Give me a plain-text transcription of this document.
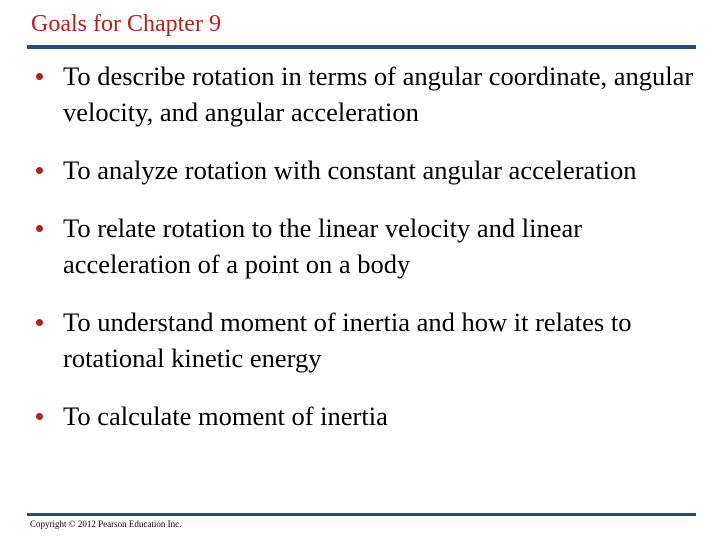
Goals for Chapter 9
To describe rotation in terms of angular coordinate, angular velocity, and angular acceleration
To analyze rotation with constant angular acceleration
To relate rotation to the linear velocity and linear acceleration of a point on a body
To understand moment of inertia and how it relates to rotational kinetic energy
To calculate moment of inertia
Copyright © 2012 Pearson Education Inc.
